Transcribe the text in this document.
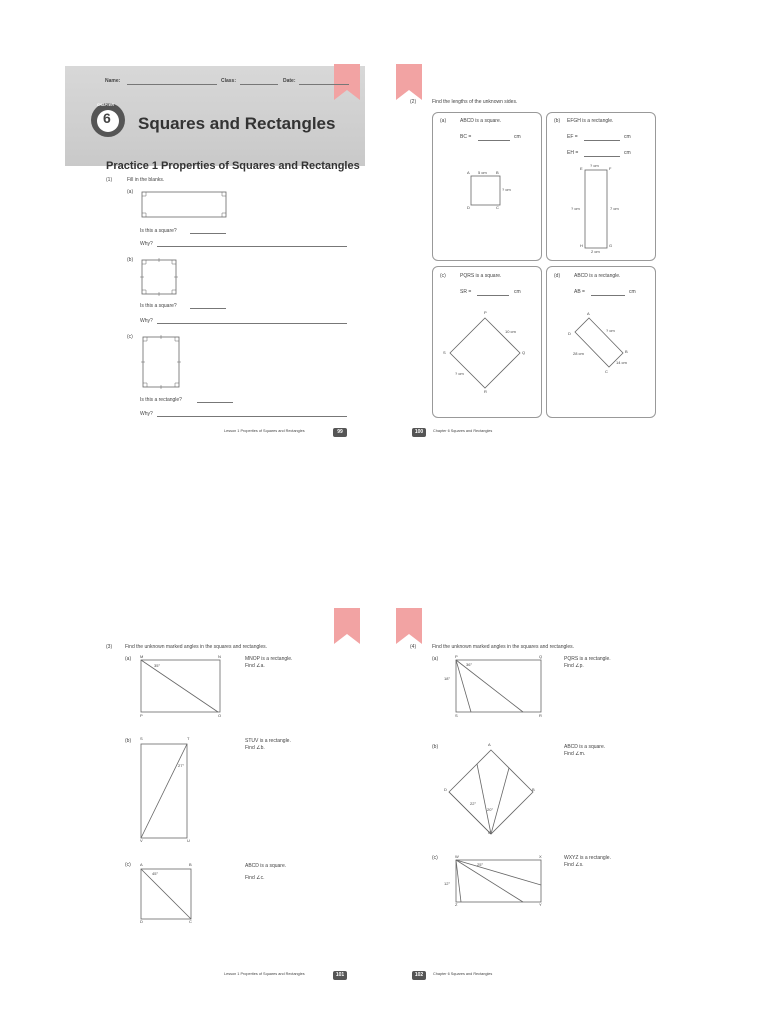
Name:	Class:	Date:
CHAPTER
6 Squares and Rectangles
Practice 1 Properties of Squares and Rectangles
(1)	Fill in the blanks.
(a)
Is this a square?
Why?
(b)
Is this a square?
Why?
(c)
Is this a rectangle?
Why?
Lesson 1 Properties of Squares and Rectangles	99
(2)	Find the lengths of the unknown sides.
(a)	ABCD is a square.
BC =	cm
A	B
D	C
5 cm
? cm
(b) EFGH is a rectangle.
EF =	cm
EH =	cm
E	F
H	G
? cm
? cm	7 cm
2 cm
(c)	PQRS is a square.
SR =	cm
P
Q
R
S
10 cm
? cm
(d)	ABCD is a rectangle.
AB =	cm
A
D
B
C
? cm
28 cm
14 cm
100	Chapter 6 Squares and Rectangles
(3)	Find the unknown marked angles in the squares and rectangles.
(a) M	N
P	O
35°
MNOP is a rectangle.
Find ∠a.
(b) S	T
V	U
27°
STUV is a rectangle.
Find ∠b.
(c) A	B
D	C
45°
ABCD is a square.
Find ∠c.
Lesson 1 Properties of Squares and Rectangles	101
(4)	Find the unknown marked angles in the squares and rectangles.
(a)	P	Q
S	R
36°
18°
PQRS is a rectangle.
Find ∠p.
(b)	A
D	B
C
22°
20°
ABCD is a square.
Find ∠m.
(c)	W	X
Z	Y
25°
12°
WXYZ is a rectangle.
Find ∠s.
102	Chapter 6 Squares and Rectangles
